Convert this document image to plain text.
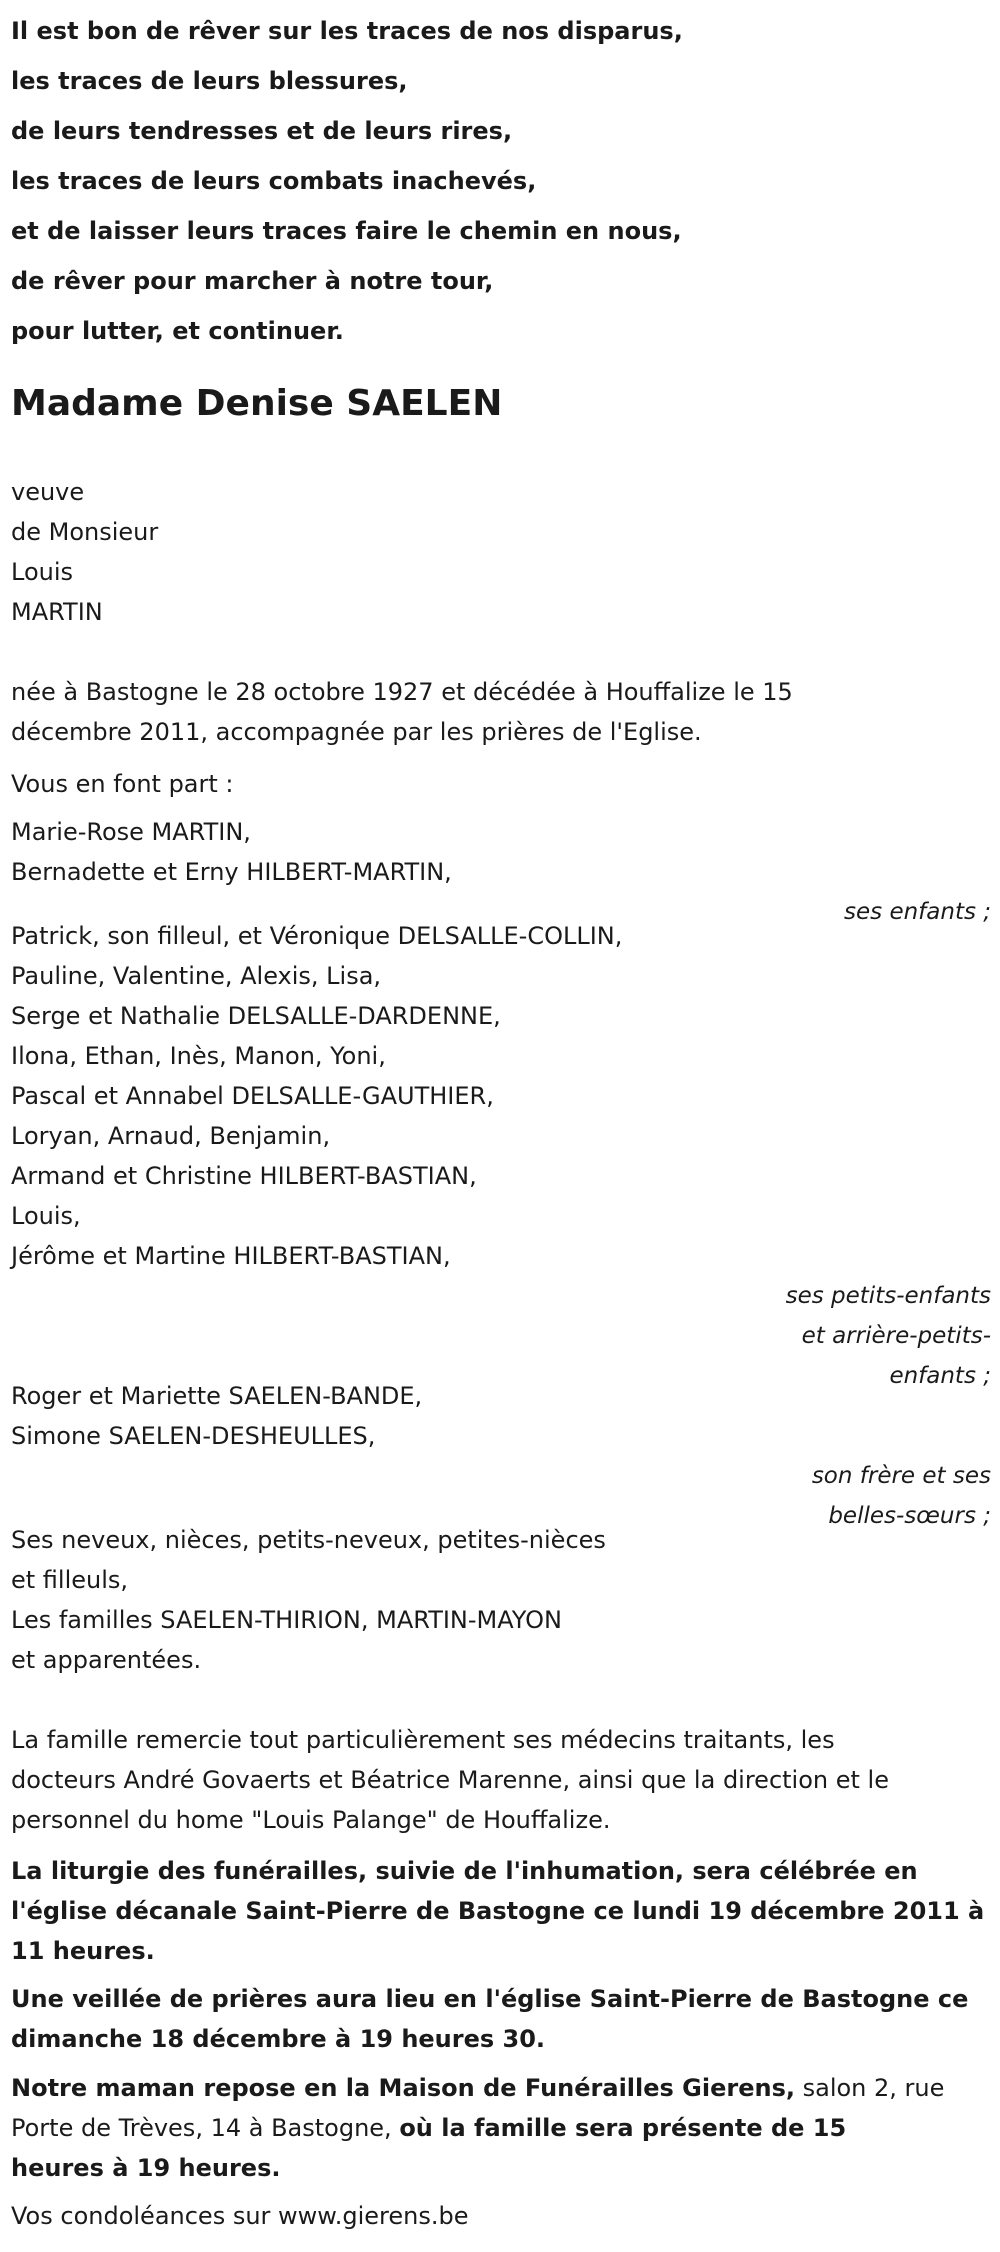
Il est bon de rêver sur les traces de nos disparus,
les traces de leurs blessures,
de leurs tendresses et de leurs rires,
les traces de leurs combats inachevés,
et de laisser leurs traces faire le chemin en nous,
de rêver pour marcher à notre tour,
pour lutter, et continuer.
Madame Denise SAELEN
veuve
de Monsieur
Louis
MARTIN
née à Bastogne le 28 octobre 1927 et décédée à Houffalize le 15
décembre 2011, accompagnée par les prières de l'Eglise.
Vous en font part :
Marie-Rose MARTIN,
Bernadette et Erny HILBERT-MARTIN,
ses enfants ;
Patrick, son filleul, et Véronique DELSALLE-COLLIN,
Pauline, Valentine, Alexis, Lisa,
Serge et Nathalie DELSALLE-DARDENNE,
Ilona, Ethan, Inès, Manon, Yoni,
Pascal et Annabel DELSALLE-GAUTHIER,
Loryan, Arnaud, Benjamin,
Armand et Christine HILBERT-BASTIAN,
Louis,
Jérôme et Martine HILBERT-BASTIAN,
ses petits-enfants
et arrière-petits-
enfants ;
Roger et Mariette SAELEN-BANDE,
Simone SAELEN-DESHEULLES,
son frère et ses
belles-sœurs ;
Ses neveux, nièces, petits-neveux, petites-nièces
et filleuls,
Les familles SAELEN-THIRION, MARTIN-MAYON
et apparentées.
La famille remercie tout particulièrement ses médecins traitants, les
docteurs André Govaerts et Béatrice Marenne, ainsi que la direction et le
personnel du home "Louis Palange" de Houffalize.
La liturgie des funérailles, suivie de l'inhumation, sera célébrée en
l'église décanale Saint-Pierre de Bastogne ce lundi 19 décembre 2011 à
11 heures.
Une veillée de prières aura lieu en l'église Saint-Pierre de Bastogne ce
dimanche 18 décembre à 19 heures 30.
Notre maman repose en la Maison de Funérailles Gierens, salon 2, rue
Porte de Trèves, 14 à Bastogne, où la famille sera présente de 15
heures à 19 heures.
Vos condoléances sur www.gierens.be
